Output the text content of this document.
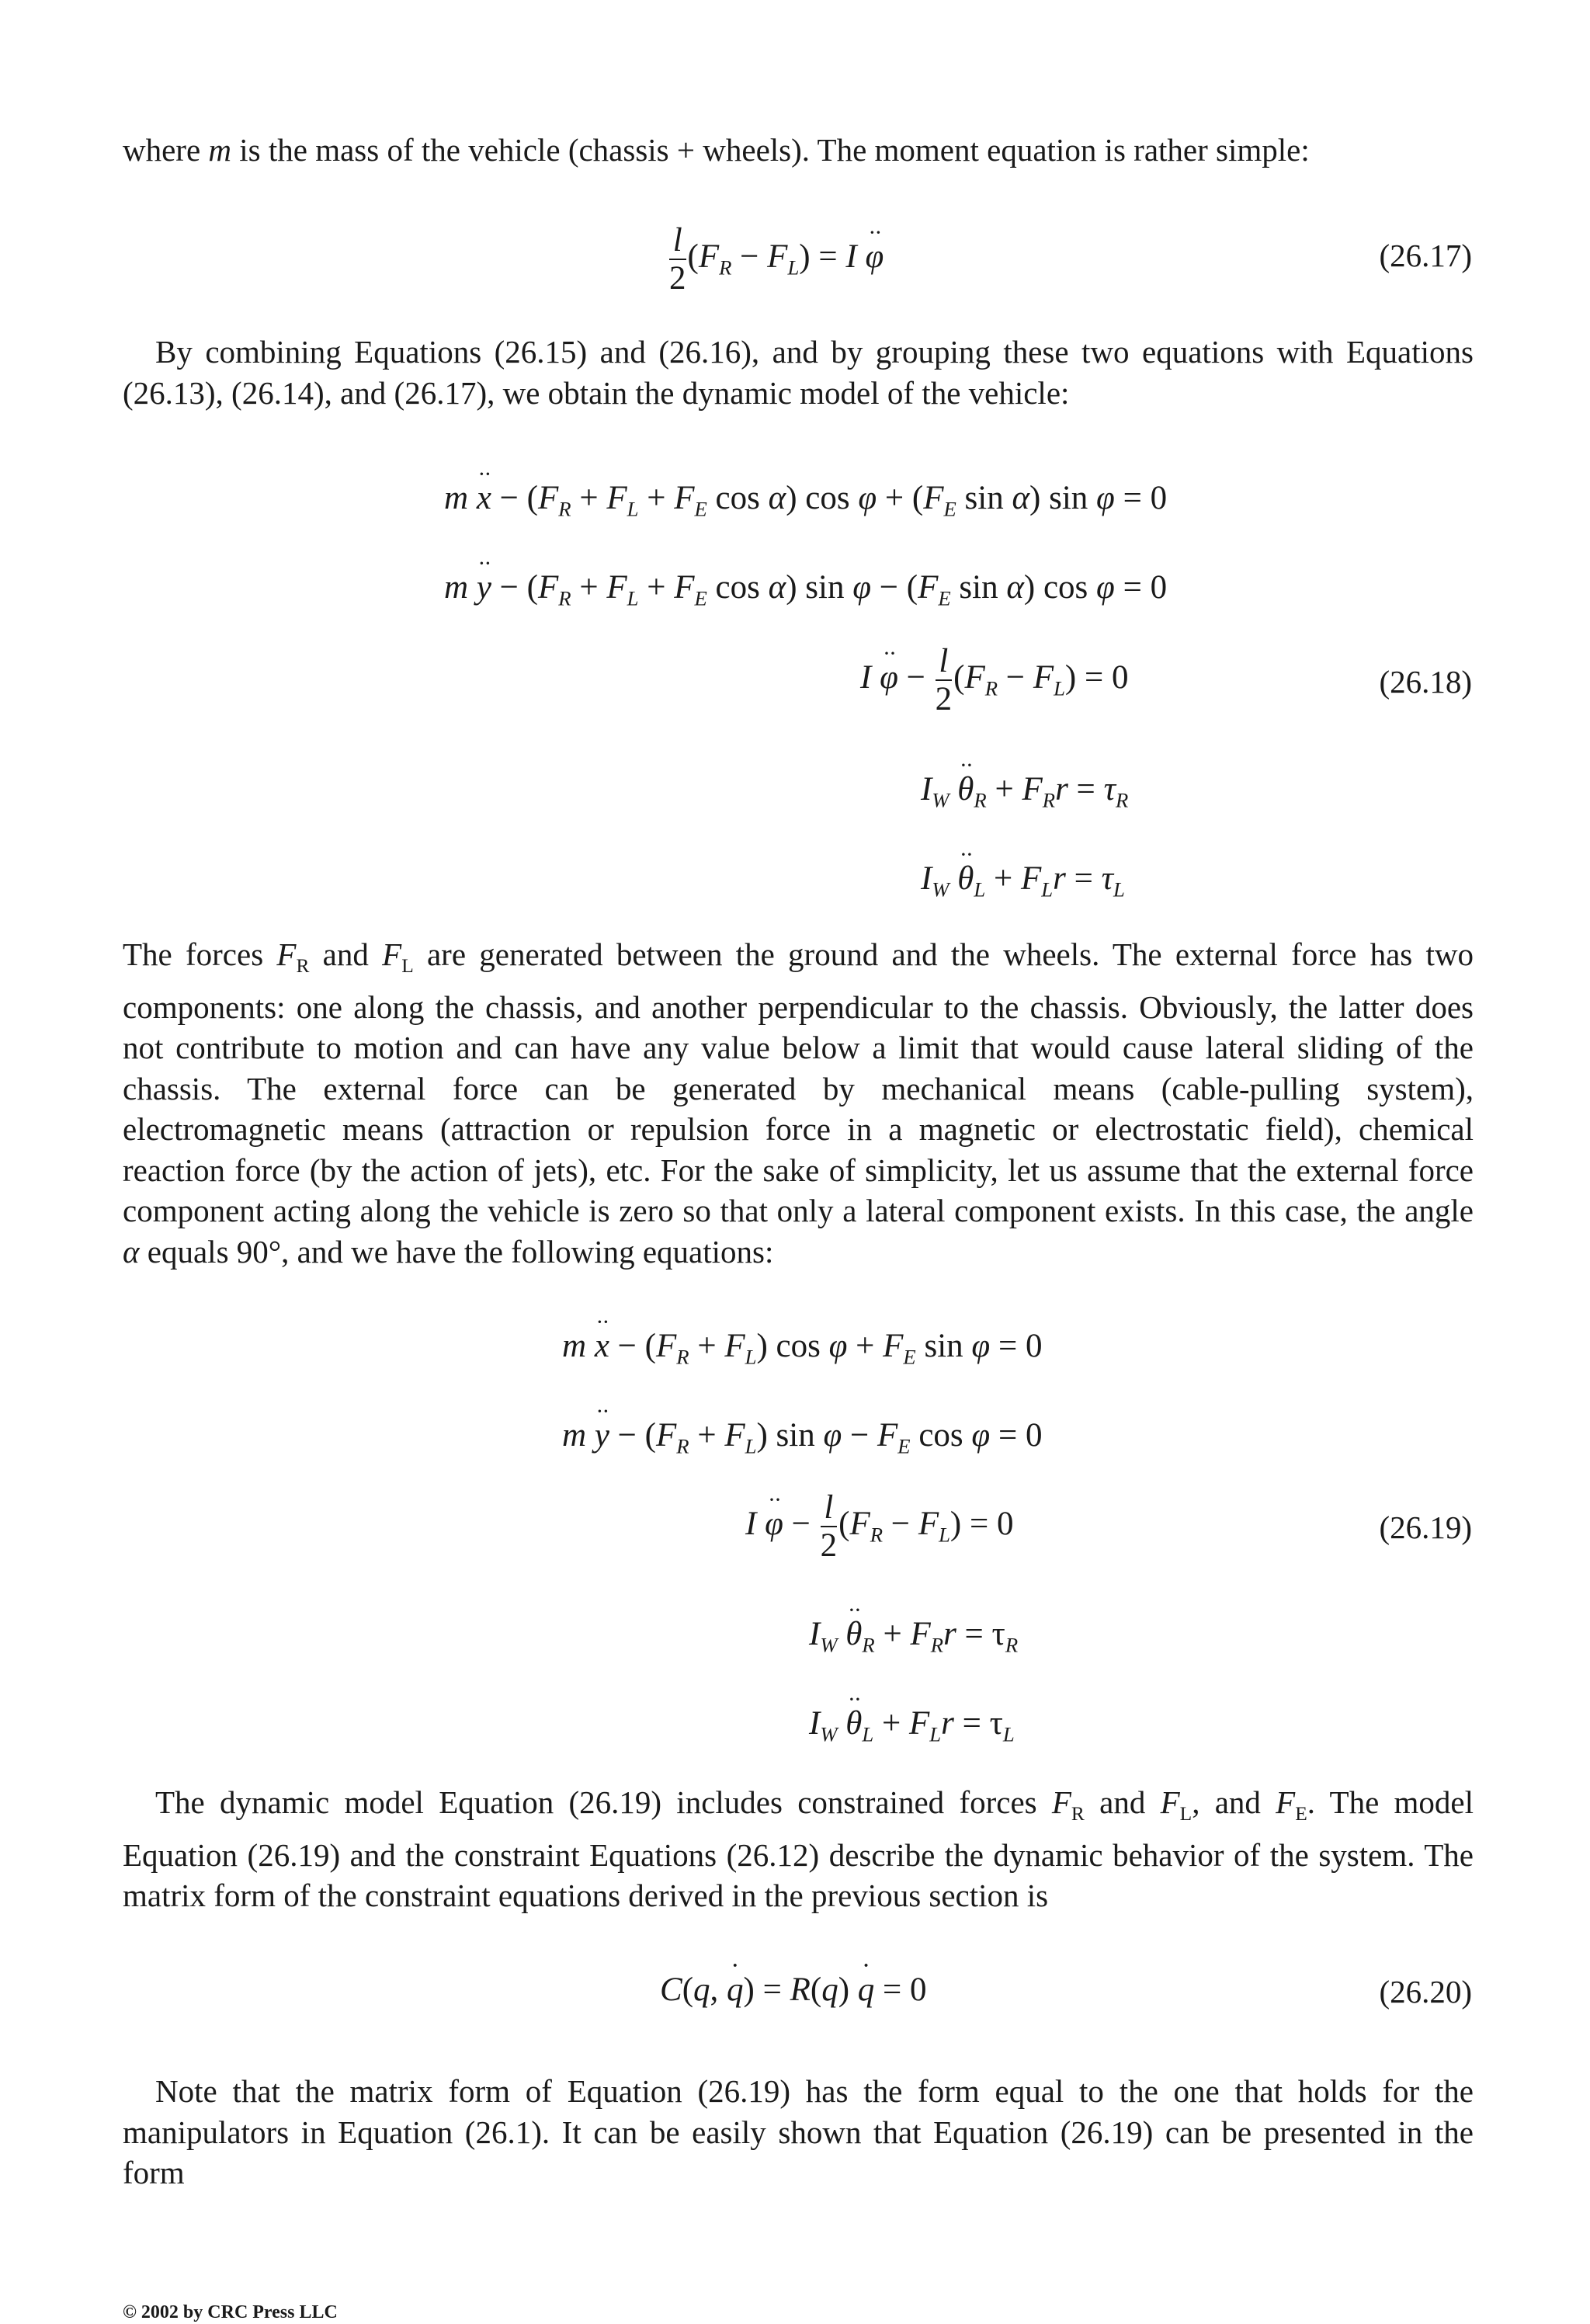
where m is the mass of the vehicle (chassis + wheels). The moment equation is rather simple:
$\frac{l}{2} (F_R - F_L) = I \cdot\cdot \varphi$	(26.17)
By combining Equations (26.15) and (26.16), and by grouping these two equations with Equations (26.13), (26.14), and (26.17), we obtain the dynamic model of the vehicle:
$m \cdot\cdot x - (F_R + F_L + F_E$ cos α) $\cos \varphi + (F_E$ sin α) sin φ = 0
$m \cdot\cdot y - (F_R + F_L + F_E$ cos α) $\sin \varphi - (F_E$ sin α) cos φ = 0
$I \cdot\cdot \varphi - \frac{l}{2} (F_R - F_L) = 0$	(26.18)
$I_W \cdot\cdot \theta_R + F_Rr = \tau_R$
$I_W \cdot\cdot \theta_L + F_Lr = \tau_L$
The forces $F_R$ and $F_L$ are generated between the ground and the wheels. The external force has two components: one along the chassis, and another perpendicular to the chassis. Obviously, the latter does not contribute to motion and can have any value below a limit that would cause lateral sliding of the chassis. The external force can be generated by mechanical means (cable-pulling system), electromagnetic means (attraction or repulsion force in a magnetic or electrostatic field), chemical reaction force (by the action of jets), etc. For the sake of simplicity, let us assume that the external force component acting along the vehicle is zero so that only a lateral component exists. In this case, the angle α equals 90°, and we have the following equations:
$m \cdot\cdot x - (F_R + F_L)$ $\cos \varphi + F_E$ sin φ = 0
$m \cdot\cdot y - (F_R + F_L)$ $\sin \varphi - F_E$ cos φ = 0
$I \cdot\cdot \varphi - \frac{l}{2} (F_R - F_L) = 0$	(26.19)
$I_W \cdot\cdot \theta_R + F_Rr = \tau_R$
$I_W \cdot\cdot \theta_L + F_Lr = \tau_L$
The dynamic model Equation (26.19) includes constrained forces $F_R$ and $F_L$, and $F_E$. The model Equation (26.19) and the constraint Equations (26.12) describe the dynamic behavior of the system. The matrix form of the constraint equations derived in the previous section is
C(q, · q) = R(q) · q = 0	(26.20)
Note that the matrix form of Equation (26.19) has the form equal to the one that holds for the manipulators in Equation (26.1). It can be easily shown that Equation (26.19) can be presented in the form
© 2002 by CRC Press LLC
